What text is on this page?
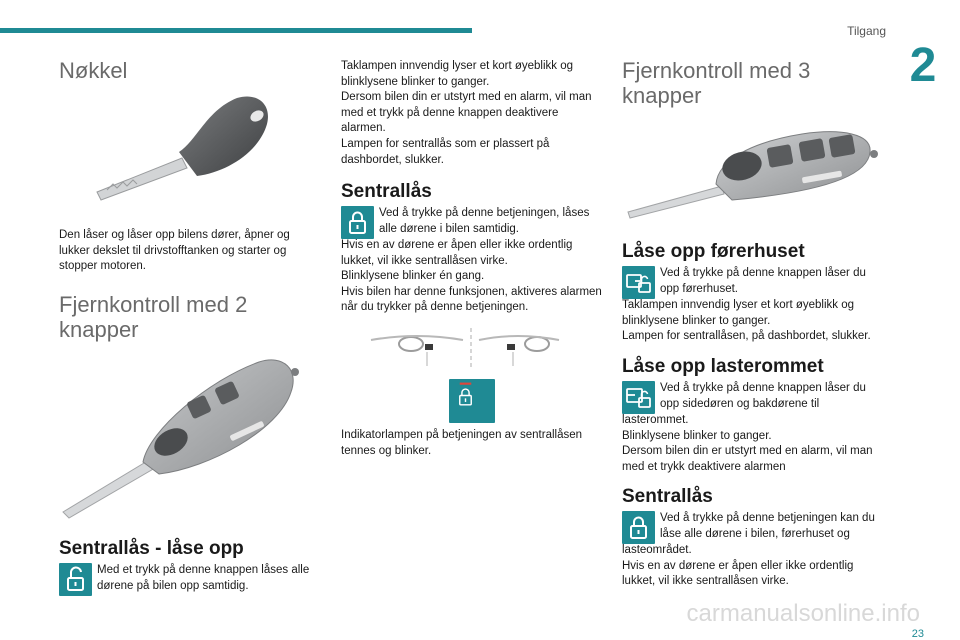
Tilgang
2
Nøkkel
Den låser og låser opp bilens dører, åpner og lukker dekslet til drivstofftanken og starter og stopper motoren.
Fjernkontroll med 2 knapper
Sentrallås - låse opp
Med et trykk på denne knappen låses alle dørene på bilen opp samtidig.
Taklampen innvendig lyser et kort øyeblikk og blinklysene blinker to ganger.
Dersom bilen din er utstyrt med en alarm, vil man med et trykk på denne knappen deaktivere alarmen.
Lampen for sentrallås som er plassert på dashbordet, slukker.
Sentrallås
Ved å trykke på denne betjeningen, låses alle dørene i bilen samtidig.
Hvis en av dørene er åpen eller ikke ordentlig lukket, vil ikke sentrallåsen virke.
Blinklysene blinker én gang.
Hvis bilen har denne funksjonen, aktiveres alarmen når du trykker på denne betjeningen.
Indikatorlampen på betjeningen av sentrallåsen tennes og blinker.
Fjernkontroll med 3 knapper
Låse opp førerhuset
Ved å trykke på denne knappen låser du opp førerhuset.
Taklampen innvendig lyser et kort øyeblikk og blinklysene blinker to ganger.
Lampen for sentrallåsen, på dashbordet, slukker.
Låse opp lasterommet
Ved å trykke på denne knappen låser du opp sidedøren og bakdørene til
lasterommet.
Blinklysene blinker to ganger.
Dersom bilen din er utstyrt med en alarm, vil man med et trykk deaktivere alarmen
Sentrallås
Ved å trykke på denne betjeningen kan du låse alle dørene i bilen, førerhuset og
lasteområdet.
Hvis en av dørene er åpen eller ikke ordentlig lukket, vil ikke sentrallåsen virke.
carmanualsonline.info
23
